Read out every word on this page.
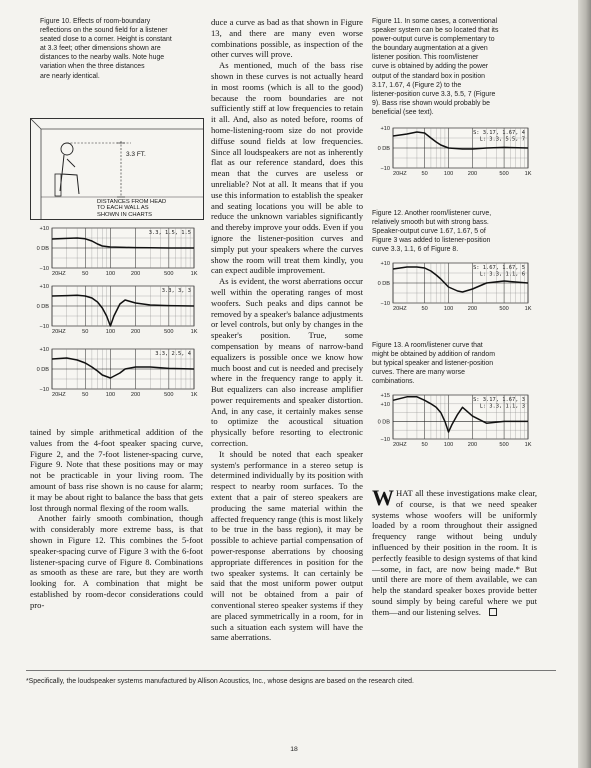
Figure 10. Effects of room-boundary
reflections on the sound field for a listener
seated close to a corner. Height is constant
at 3.3 feet; other dimensions shown are
distances to the nearby walls. Note huge
variation when the three distances
are nearly identical.

3.3 FT.
DISTANCES FROM HEAD
TO EACH WALL AS
SHOWN IN CHARTS
+10
0 DB
−10
20HZ	50	100	200	500	1K
3.3, 1.5, 1.5
+10
0 DB
−10
20HZ	50	100	200	500	1K
3.3, 3, 3
+10
0 DB
−10
20HZ	50	100	200	500	1K
3.3, 2.5, 4
+10
0 DB
−10
20HZ	50	100	200	500	1K
S: 3.17, 1.67, 4
L: 3.3, 5.5, 7
+10
0 DB
−10
20HZ	50	100	200	500	1K
S: 1.67, 1.67, 5
L: 3.3, 1.1, 6
+15
0 DB
−10
+10
20HZ	50	100	200	500	1K
S: 3.17, 1.67, 3
L: 3.3, 1.1, 3

tained by simple arithmetical addition of the values from the 4-foot speaker spacing curve, Figure 2, and the 7-foot listener-spacing curve, Figure 9. Note that these positions may or may not be practicable in your living room. The amount of bass rise shown is no cause for alarm; it may be about right to balance the bass that gets lost through normal flexing of the room walls.

Another fairly smooth combination, though with considerably more extreme bass, is that shown in Figure 12. This combines the 5-foot speaker-spacing curve of Figure 3 with the 6-foot listener-spacing curve of Figure 8. Combinations as smooth as these are rare, but they are worth looking for. A combination that might be established by room-decor considerations could pro-

duce a curve as bad as that shown in Figure 13, and there are many even worse combinations possible, as inspection of the other curves will prove.

As mentioned, much of the bass rise shown in these curves is not actually heard in most rooms (which is all to the good) because the room boundaries are not sufficiently stiff at low frequencies to retain it all. And, also as noted before, rooms of home-listening-room size do not provide diffuse sound fields at low frequencies. Since all loudspeakers are not as inherently flat as our reference standard, does this mean that the curves are useless or unreliable? Not at all. It means that if you use this information to establish the speaker and seating locations you will be able to reduce the unknown variables significantly and thereby improve your odds. Even if you ignore the listener-position curves and simply put your speakers where the curves show the room will treat them kindly, you can expect audible improvement.

As is evident, the worst aberrations occur well within the operating ranges of most woofers. Such peaks and dips cannot be removed by a speaker's balance adjustments or level controls, but only by changes in the speaker's position. True, some compensation by means of narrow-band equalizers is possible once we know how much boost and cut is needed and precisely where in the frequency range to apply it. But equalizers can also increase amplifier power requirements and speaker distortion. And, in any case, it certainly makes sense to optimize the acoustical situation physically before resorting to electronic correction.

It should be noted that each speaker system's performance in a stereo setup is determined individually by its position with respect to nearby room surfaces. To the extent that a pair of stereo speakers are producing the same material within the affected frequency range (this is most likely to be true in the bass region), it may be possible to achieve partial compensation of power-response aberrations by choosing appropriate differences in position for the two speaker systems. It can certainly be said that the most uniform power output will not be obtained from a pair of conventional stereo speaker systems if they are placed symmetrically in a room, for in such a situation each system will have the same aberrations.

Figure 11. In some cases, a conventional
speaker system can be so located that its
power-output curve is complementary to
the boundary augmentation at a given
listener position. This room/listener
curve is obtained by adding the power
output of the standard box in position
3.17, 1.67, 4 (Figure 2) to the
listener-position curve 3.3, 5.5, 7 (Figure
9). Bass rise shown would probably be
beneficial (see text).

Figure 12. Another room/listener curve,
relatively smooth but with strong bass.
Speaker-output curve 1.67, 1.67, 5 of
Figure 3 was added to listener-position
curve 3.3, 1.1, 6 of Figure 8.

Figure 13. A room/listener curve that
might be obtained by addition of random
but typical speaker and listener-position
curves. There are many worse
combinations.

WHAT all these investigations make clear, of course, is that we need speaker systems whose woofers will be uniformly loaded by a room throughout their assigned frequency range without being unduly influenced by their position in the room. It is perfectly feasible to design systems of that kind—some, in fact, are now being made.* But until there are more of them available, we can help the standard speaker boxes provide better sound simply by being careful where we put them—and our listening selves.

*Specifically, the loudspeaker systems manufactured by Allison Acoustics, Inc., whose designs are based on the research cited.
18
